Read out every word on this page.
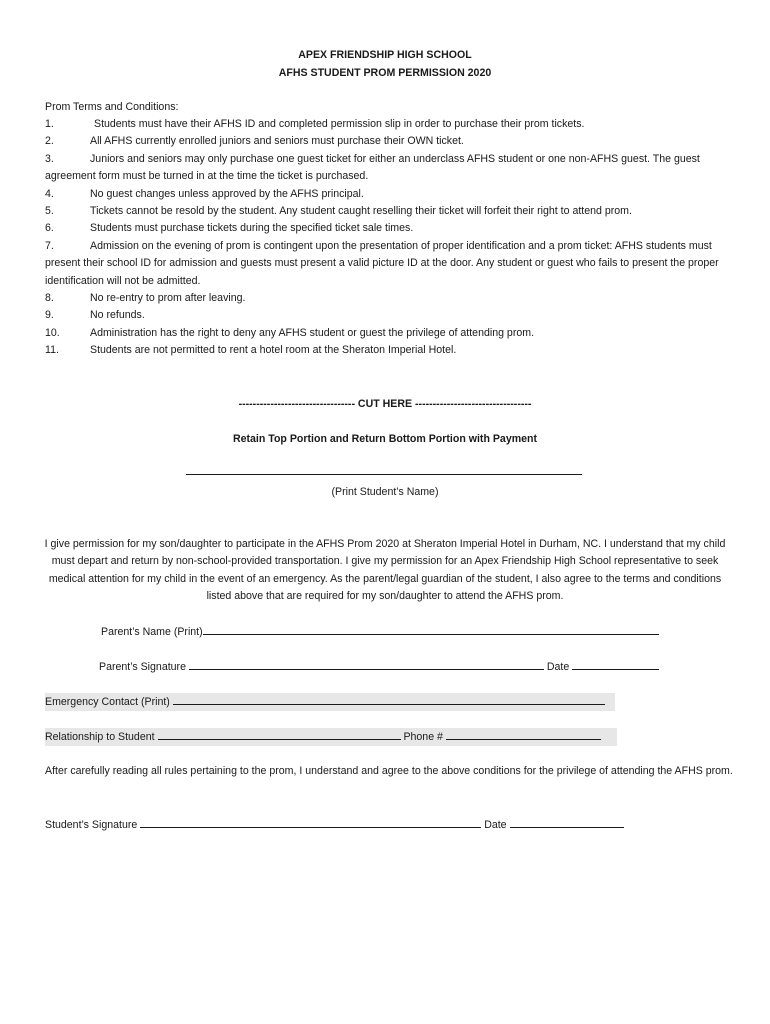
APEX FRIENDSHIP HIGH SCHOOL
AFHS STUDENT PROM PERMISSION 2020
Prom Terms and Conditions:
1.	Students must have their AFHS ID and completed permission slip in order to purchase their prom tickets.
2.	All AFHS currently enrolled juniors and seniors must purchase their OWN ticket.
3.	Juniors and seniors may only purchase one guest ticket for either an underclass AFHS student or one non-AFHS guest. The guest agreement form must be turned in at the time the ticket is purchased.
4.	No guest changes unless approved by the AFHS principal.
5.	Tickets cannot be resold by the student. Any student caught reselling their ticket will forfeit their right to attend prom.
6.	Students must purchase tickets during the specified ticket sale times.
7.	Admission on the evening of prom is contingent upon the presentation of proper identification and a prom ticket: AFHS students must present their school ID for admission and guests must present a valid picture ID at the door. Any student or guest who fails to present the proper identification will not be admitted.
8.	No re-entry to prom after leaving.
9.	No refunds.
10.	Administration has the right to deny any AFHS student or guest the privilege of attending prom.
11.	Students are not permitted to rent a hotel room at the Sheraton Imperial Hotel.
--------------------------------- CUT HERE ---------------------------------
Retain Top Portion and Return Bottom Portion with Payment
(Print Student’s Name)
I give permission for my son/daughter to participate in the AFHS Prom 2020 at Sheraton Imperial Hotel in Durham, NC. I understand that my child must depart and return by non-school-provided transportation. I give my permission for an Apex Friendship High School representative to seek medical attention for my child in the event of an emergency. As the parent/legal guardian of the student, I also agree to the terms and conditions listed above that are required for my son/daughter to attend the AFHS prom.
Parent’s Name (Print)
Parent’s Signature	Date
Emergency Contact (Print)
Relationship to Student	Phone #
After carefully reading all rules pertaining to the prom, I understand and agree to the above conditions for the privilege of attending the AFHS prom.
Student’s Signature	Date
